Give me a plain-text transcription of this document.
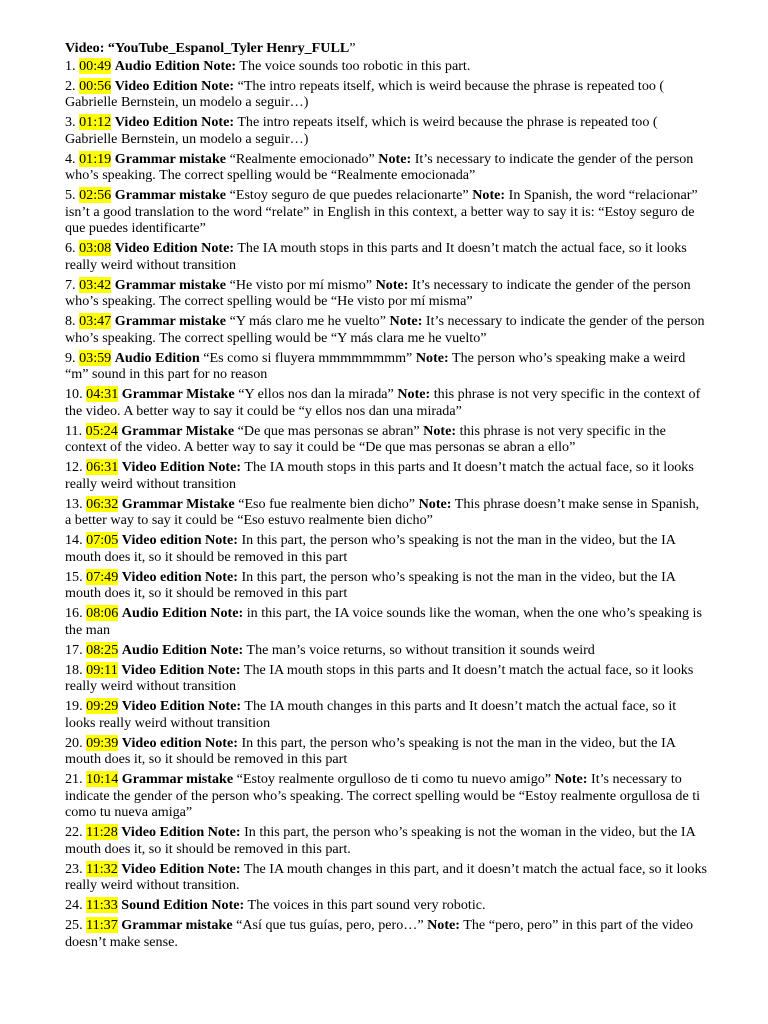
Video: “YouTube_Espanol_Tyler Henry_FULL”
1. 00:49 Audio Edition Note: The voice sounds too robotic in this part.
2. 00:56 Video Edition Note: “The intro repeats itself, which is weird because the phrase is repeated too ( Gabrielle Bernstein, un modelo a seguir…)
3. 01:12 Video Edition Note: The intro repeats itself, which is weird because the phrase is repeated too ( Gabrielle Bernstein, un modelo a seguir…)
4. 01:19 Grammar mistake “Realmente emocionado” Note: It’s necessary to indicate the gender of the person who’s speaking. The correct spelling would be “Realmente emocionada”
5. 02:56 Grammar mistake “Estoy seguro de que puedes relacionarte” Note: In Spanish, the word “relacionar” isn’t a good translation to the word “relate” in English in this context, a better way to say it is: “Estoy seguro de que puedes identificarte”
6. 03:08 Video Edition Note: The IA mouth stops in this parts and It doesn’t match the actual face, so it looks really weird without transition
7. 03:42 Grammar mistake “He visto por mí mismo” Note: It’s necessary to indicate the gender of the person who’s speaking. The correct spelling would be “He visto por mí misma”
8. 03:47 Grammar mistake “Y más claro me he vuelto” Note: It’s necessary to indicate the gender of the person who’s speaking. The correct spelling would be “Y más clara me he vuelto”
9. 03:59 Audio Edition “Es como si fluyera mmmmmmmm” Note: The person who’s speaking make a weird “m” sound in this part for no reason
10. 04:31 Grammar Mistake “Y ellos nos dan la mirada” Note: this phrase is not very specific in the context of the video. A better way to say it could be “y ellos nos dan una mirada”
11. 05:24 Grammar Mistake “De que mas personas se abran” Note: this phrase is not very specific in the context of the video. A better way to say it could be “De que mas personas se abran a ello”
12. 06:31 Video Edition Note: The IA mouth stops in this parts and It doesn’t match the actual face, so it looks really weird without transition
13. 06:32 Grammar Mistake “Eso fue realmente bien dicho” Note: This phrase doesn’t make sense in Spanish, a better way to say it could be “Eso estuvo realmente bien dicho”
14. 07:05 Video edition Note: In this part, the person who’s speaking is not the man in the video, but the IA mouth does it, so it should be removed in this part
15. 07:49 Video edition Note: In this part, the person who’s speaking is not the man in the video, but the IA mouth does it, so it should be removed in this part
16. 08:06 Audio Edition Note: in this part, the IA voice sounds like the woman, when the one who’s speaking is the man
17. 08:25 Audio Edition Note: The man’s voice returns, so without transition it sounds weird
18. 09:11 Video Edition Note: The IA mouth stops in this parts and It doesn’t match the actual face, so it looks really weird without transition
19. 09:29 Video Edition Note: The IA mouth changes in this parts and It doesn’t match the actual face, so it looks really weird without transition
20. 09:39 Video edition Note: In this part, the person who’s speaking is not the man in the video, but the IA mouth does it, so it should be removed in this part
21. 10:14 Grammar mistake “Estoy realmente orgulloso de ti como tu nuevo amigo” Note: It’s necessary to indicate the gender of the person who’s speaking. The correct spelling would be “Estoy realmente orgullosa de ti como tu nueva amiga”
22. 11:28 Video Edition Note: In this part, the person who’s speaking is not the woman in the video, but the IA mouth does it, so it should be removed in this part.
23. 11:32 Video Edition Note: The IA mouth changes in this part, and it doesn’t match the actual face, so it looks really weird without transition.
24. 11:33 Sound Edition Note: The voices in this part sound very robotic.
25. 11:37 Grammar mistake “Así que tus guías, pero, pero…” Note: The “pero, pero” in this part of the video doesn’t make sense.
